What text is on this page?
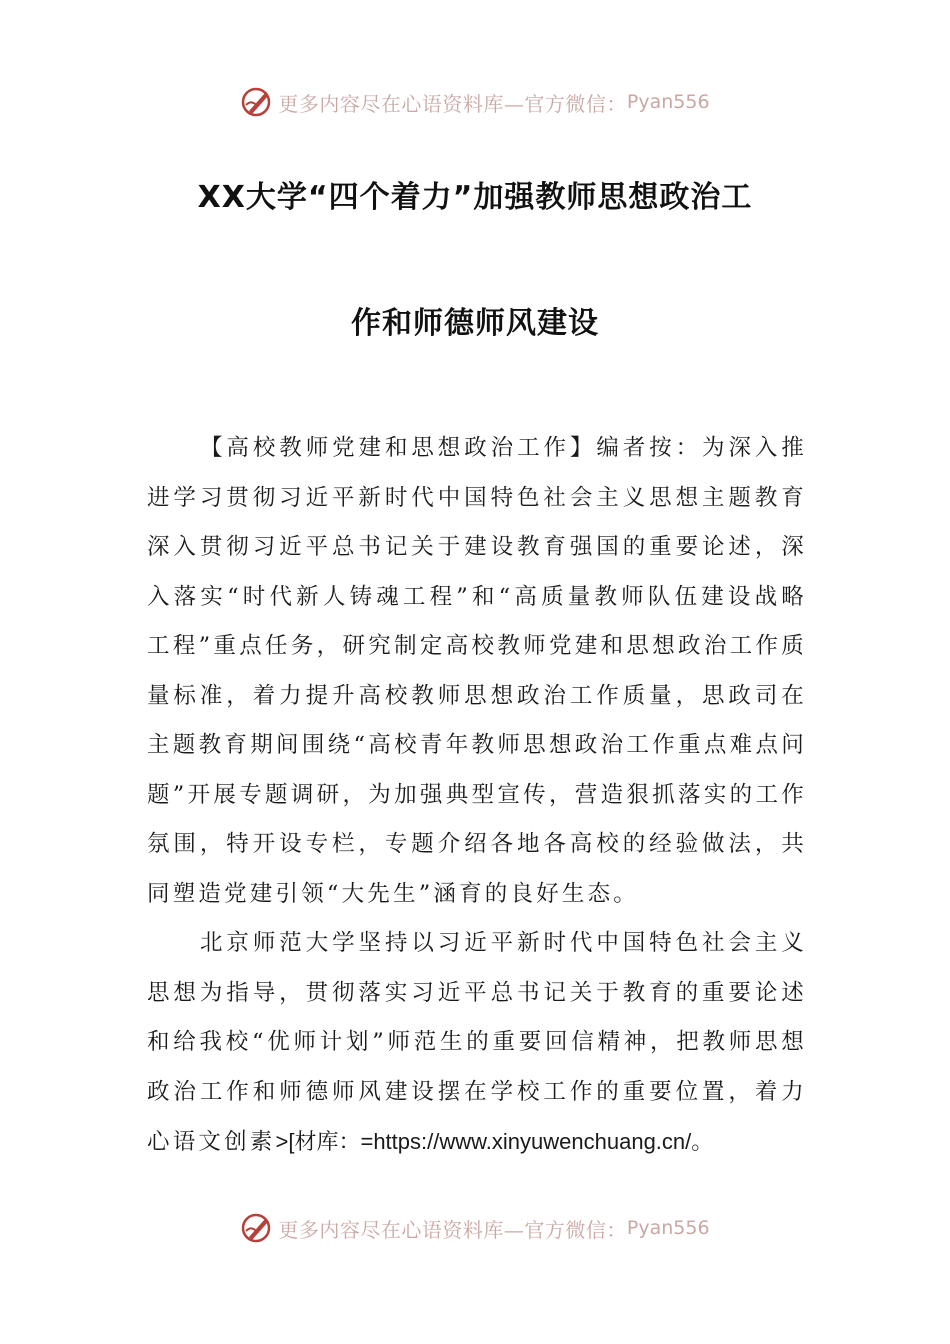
更多内容尽在心语资料库—官方微信： Pyan556
XX大学“四个着力”加强教师思想政治工
作和师德师风建设

【高校教师党建和思想政治工作】编者按：为深入推进学习贯彻习近平新时代中国特色社会主义思想主题教育深入贯彻习近平总书记关于建设教育强国的重要论述，深入落实“时代新人铸魂工程”和“高质量教师队伍建设战略工程”重点任务，研究制定高校教师党建和思想政治工作质量标准，着力提升高校教师思想政治工作质量，思政司在主题教育期间围绕“高校青年教师思想政治工作重点难点问题”开展专题调研，为加强典型宣传，营造狠抓落实的工作氛围，特开设专栏，专题介绍各地各高校的经验做法，共同塑造党建引领“大先生”涵育的良好生态。

北京师范大学坚持以习近平新时代中国特色社会主义思想为指导，贯彻落实习近平总书记关于教育的重要论述和给我校“优师计划”师范生的重要回信精神，把教师思想政治工作和师德师风建设摆在学校工作的重要位置，着力心语文创素>[材库：=https://www.xinyuwenchuang.cn/。

更多内容尽在心语资料库—官方微信： Pyan556
